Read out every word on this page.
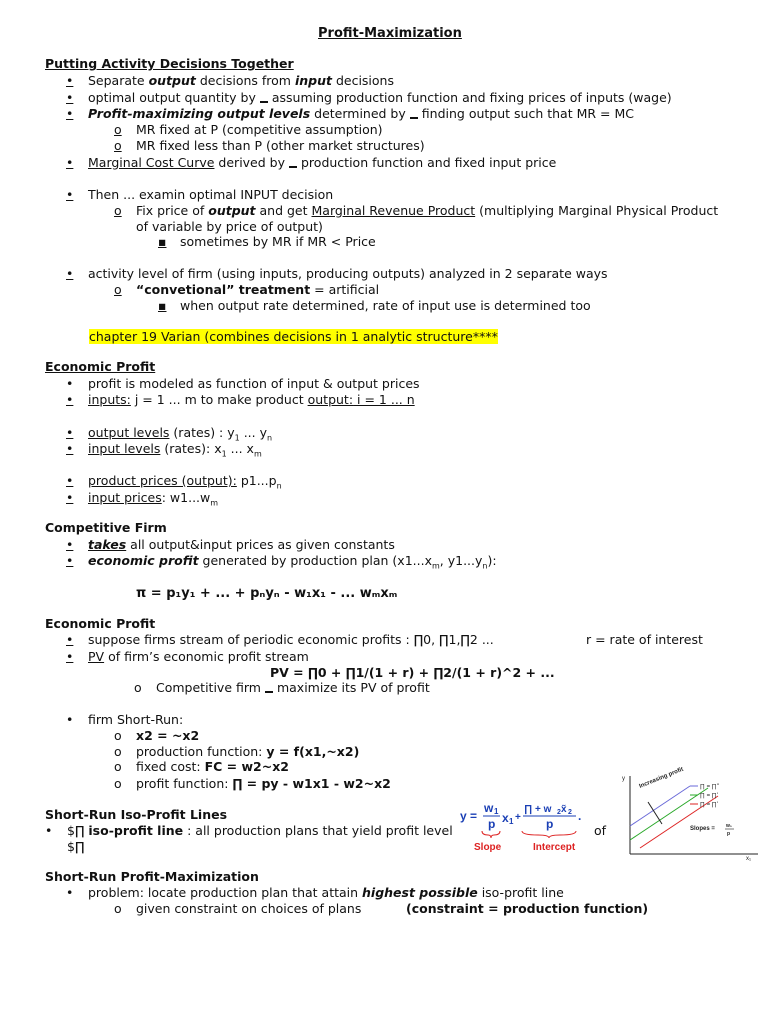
Profit-Maximization
Putting Activity Decisions Together
• Separate output decisions from input decisions
• optimal output quantity by assuming production function and fixing prices of inputs (wage)
• Profit-maximizing output levels determined by finding output such that MR = MC
o MR fixed at P (competitive assumption)
o MR fixed less than P (other market structures)
• Marginal Cost Curve derived by production function and fixed input price
• Then ... examin optimal INPUT decision
o Fix price of output and get Marginal Revenue Product (multiplying Marginal Physical Product
of variable by price of output)
▪ sometimes by MR if MR < Price
• activity level of firm (using inputs, producing outputs) analyzed in 2 separate ways
o “convetional” treatment = artificial
▪ when output rate determined, rate of input use is determined too
chapter 19 Varian (combines decisions in 1 analytic structure****
Economic Profit
• profit is modeled as function of input & output prices
• inputs: j = 1 ... m to make product output: i = 1 ... n
• output levels (rates) : $y_1$ ... $y_n$
• input levels (rates): $x_1$ ... $x_m$
• product prices (output): $p1...p_n$
• input prices: $w1...w_m$
Competitive Firm
• takes all output&input prices as given constants
• economic profit generated by production plan ($x1...x_m$, $y1...y_n$):
π = p₁y₁ + ... + pₙyₙ - w₁x₁ - ... wₘxₘ
Economic Profit
• suppose firms stream of periodic economic profits : ∏0, ∏1,∏2 ...	r = rate of interest
• PV of firm’s economic profit stream
PV = ∏0 + ∏1/(1 + r) + ∏2/(1 + r)^2 + ...
o Competitive firm maximize its PV of profit
• firm Short-Run:
o x2 = ~x2
o production function: y = f(x1,~x2)
o fixed cost: FC = w2~x2
o profit function: ∏ = py - w1x1 - w2~x2
Short-Run Iso-Profit Lines
• $∏ iso-profit line : all production plans that yield profit level	of
$∏
y =
w 1
p x 1 +
∏ + w 2 x̃ 2
p
.
Slope	Intercept
y
x₁
Increasing profit	∏ = ∏''
∏ = ∏'
∏ = ∏'
Slopes = w₁
p
Short-Run Profit-Maximization
• problem: locate production plan that attain highest possible iso-profit line
o given constraint on choices of plans	(constraint = production function)
